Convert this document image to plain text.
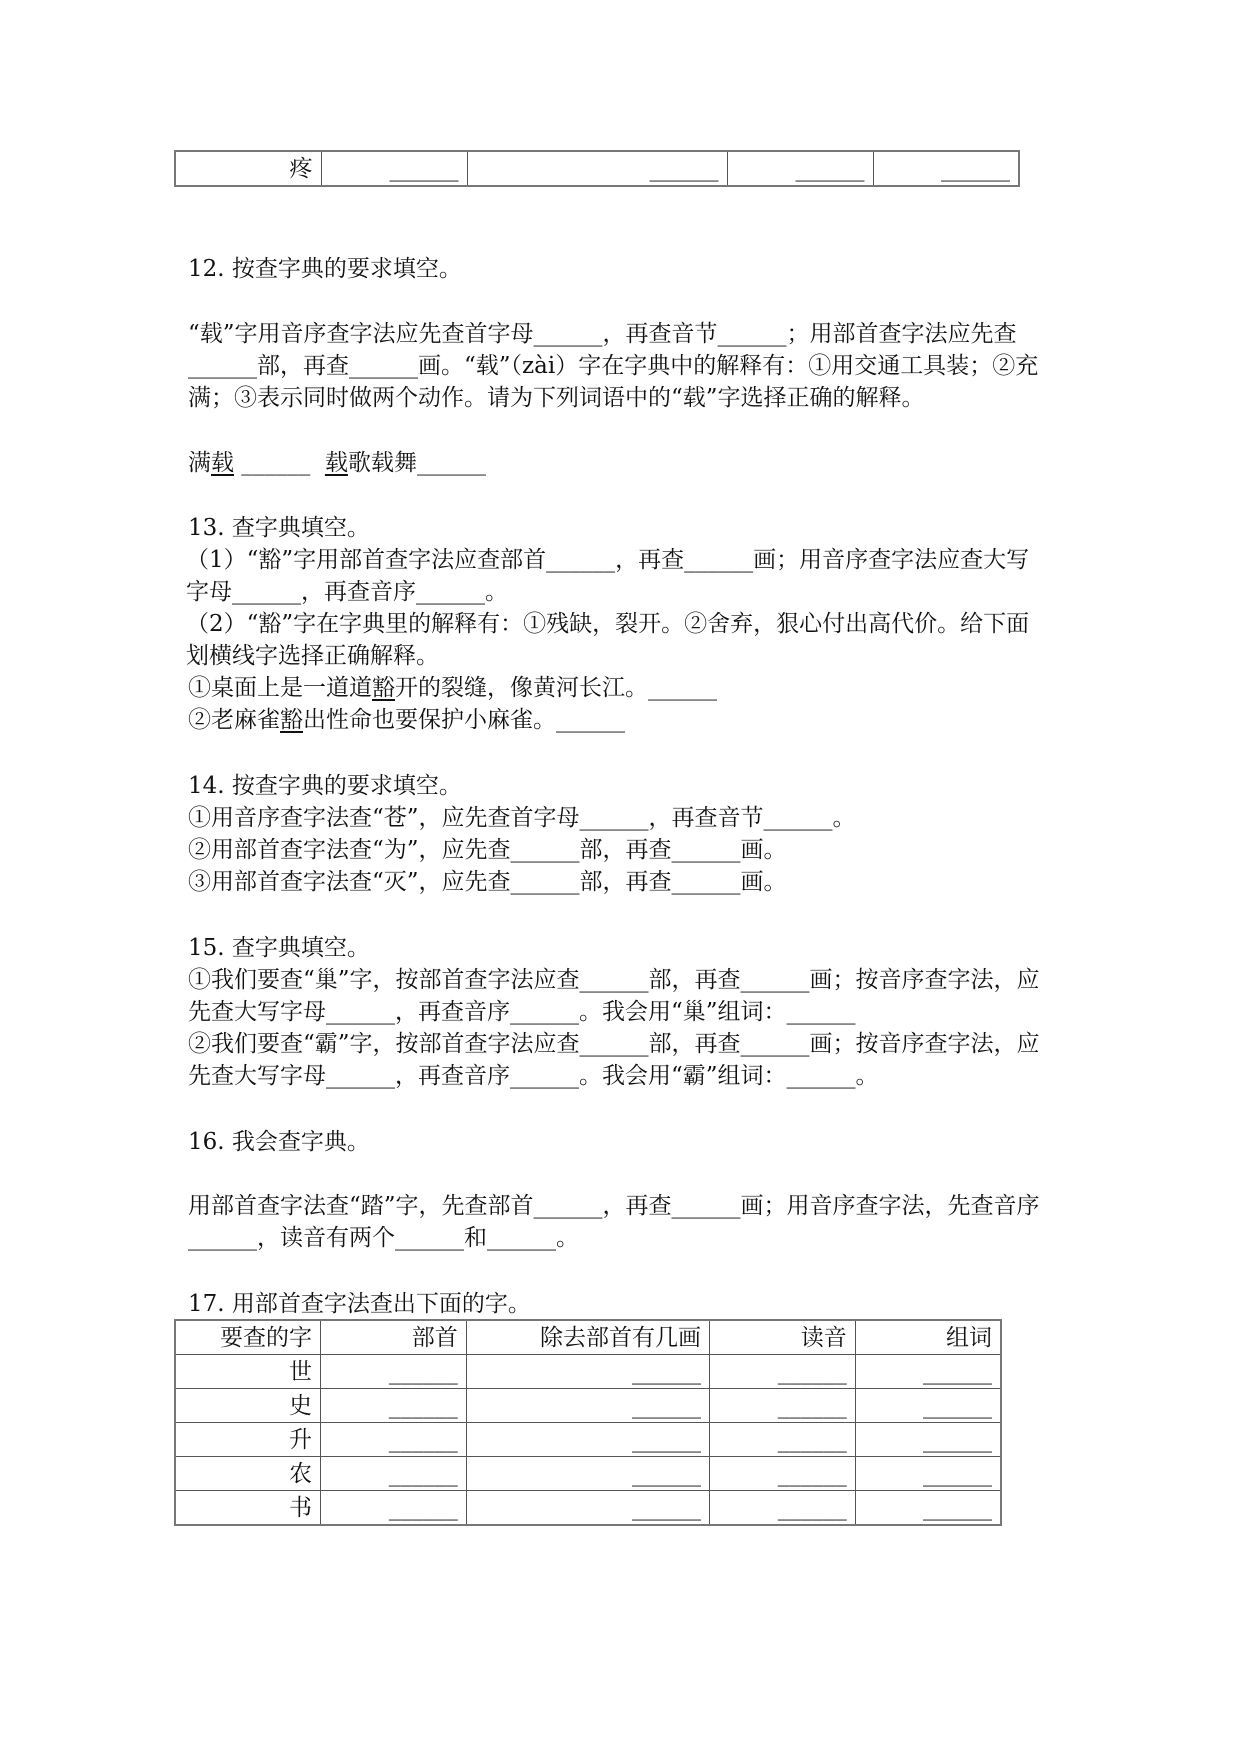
疼	______	______	______	______

12. 按查字典的要求填空。

“载”字用音序查字法应先查首字母______，再查音节______；用部首查字法应先查______部，再查______画。“载”（zài）字在字典中的解释有：①用交通工具装；②充满；③表示同时做两个动作。请为下列词语中的“载”字选择正确的解释。

满载 ______  载歌载舞______

13. 查字典填空。

（1）“豁”字用部首查字法应查部首______，再查______画；用音序查字法应查大写字母______，再查音序______。

（2）“豁”字在字典里的解释有：①残缺，裂开。②舍弃，狠心付出高代价。给下面划横线字选择正确解释。

①桌面上是一道道豁开的裂缝，像黄河长江。______

②老麻雀豁出性命也要保护小麻雀。______

14. 按查字典的要求填空。

①用音序查字法查“苍”，应先查首字母______，再查音节______。

②用部首查字法查“为”，应先查______部，再查______画。

③用部首查字法查“灭”，应先查______部，再查______画。

15. 查字典填空。

①我们要查“巢”字，按部首查字法应查______部，再查______画；按音序查字法，应先查大写字母______，再查音序______。我会用“巢”组词：______

②我们要查“霸”字，按部首查字法应查______部，再查______画；按音序查字法，应先查大写字母______，再查音序______。我会用“霸”组词：______。

16. 我会查字典。

用部首查字法查“踏”字，先查部首______，再查______画；用音序查字法，先查音序______，读音有两个______和______。

17. 用部首查字法查出下面的字。

要查的字	部首	除去部首有几画	读音	组词
世	______	______	______	______
史	______	______	______	______
升	______	______	______	______
农	______	______	______	______
书	______	______	______	______
